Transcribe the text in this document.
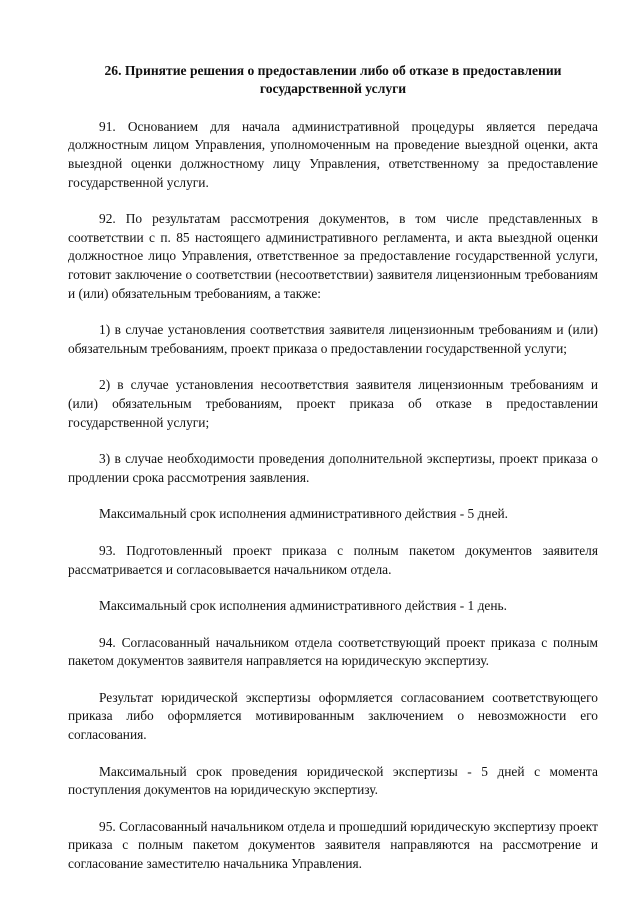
26. Принятие решения о предоставлении либо об отказе в предоставлении государственной услуги

91. Основанием для начала административной процедуры является передача должностным лицом Управления, уполномоченным на проведение выездной оценки, акта выездной оценки должностному лицу Управления, ответственному за предоставление государственной услуги.

92. По результатам рассмотрения документов, в том числе представленных в соответствии с п. 85 настоящего административного регламента, и акта выездной оценки должностное лицо Управления, ответственное за предоставление государственной услуги, готовит заключение о соответствии (несоответствии) заявителя лицензионным требованиям и (или) обязательным требованиям, а также:

1) в случае установления соответствия заявителя лицензионным требованиям и (или) обязательным требованиям, проект приказа о предоставлении государственной услуги;

2) в случае установления несоответствия заявителя лицензионным требованиям и (или) обязательным требованиям, проект приказа об отказе в предоставлении государственной услуги;

3) в случае необходимости проведения дополнительной экспертизы, проект приказа о продлении срока рассмотрения заявления.

Максимальный срок исполнения административного действия - 5 дней.

93. Подготовленный проект приказа с полным пакетом документов заявителя рассматривается и согласовывается начальником отдела.

Максимальный срок исполнения административного действия - 1 день.

94. Согласованный начальником отдела соответствующий проект приказа с полным пакетом документов заявителя направляется на юридическую экспертизу.

Результат юридической экспертизы оформляется согласованием соответствующего приказа либо оформляется мотивированным заключением о невозможности его согласования.

Максимальный срок проведения юридической экспертизы - 5 дней с момента поступления документов на юридическую экспертизу.

95. Согласованный начальником отдела и прошедший юридическую экспертизу проект приказа с полным пакетом документов заявителя направляются на рассмотрение и согласование заместителю начальника Управления.
